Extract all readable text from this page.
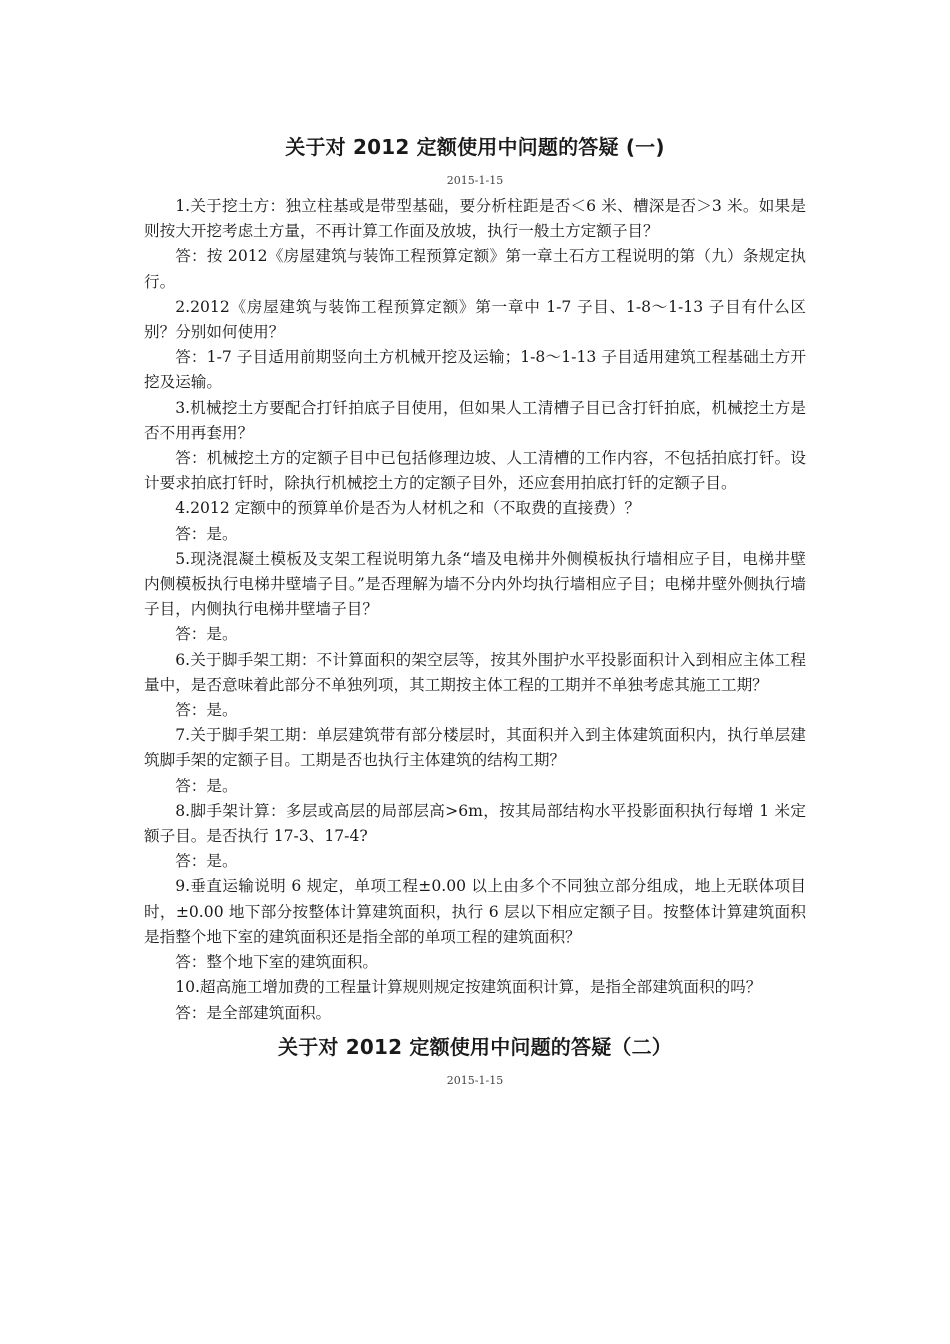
关于对 2012 定额使用中问题的答疑 (一)
2015-1-15

1.关于挖土方：独立柱基或是带型基础，要分析柱距是否＜6 米、槽深是否＞3 米。如果是则按大开挖考虑土方量，不再计算工作面及放坡，执行一般土方定额子目？

答：按 2012《房屋建筑与装饰工程预算定额》第一章土石方工程说明的第（九）条规定执行。

2.2012《房屋建筑与装饰工程预算定额》第一章中 1-7 子目、1-8～1-13 子目有什么区别？分别如何使用？

答：1-7 子目适用前期竖向土方机械开挖及运输；1-8～1-13 子目适用建筑工程基础土方开挖及运输。

3.机械挖土方要配合打钎拍底子目使用，但如果人工清槽子目已含打钎拍底，机械挖土方是否不用再套用？

答：机械挖土方的定额子目中已包括修理边坡、人工清槽的工作内容，不包括拍底打钎。设计要求拍底打钎时，除执行机械挖土方的定额子目外，还应套用拍底打钎的定额子目。

4.2012 定额中的预算单价是否为人材机之和（不取费的直接费）？

答：是。

5.现浇混凝土模板及支架工程说明第九条“墙及电梯井外侧模板执行墙相应子目，电梯井壁内侧模板执行电梯井壁墙子目。”是否理解为墙不分内外均执行墙相应子目；电梯井壁外侧执行墙子目，内侧执行电梯井壁墙子目？

答：是。

6.关于脚手架工期：不计算面积的架空层等，按其外围护水平投影面积计入到相应主体工程量中，是否意味着此部分不单独列项，其工期按主体工程的工期并不单独考虑其施工工期？

答：是。

7.关于脚手架工期：单层建筑带有部分楼层时，其面积并入到主体建筑面积内，执行单层建筑脚手架的定额子目。工期是否也执行主体建筑的结构工期？

答：是。

8.脚手架计算：多层或高层的局部层高>6m，按其局部结构水平投影面积执行每增 1 米定额子目。是否执行 17-3、17-4?

答：是。

9.垂直运输说明 6 规定，单项工程±0.00 以上由多个不同独立部分组成，地上无联体项目时，±0.00 地下部分按整体计算建筑面积，执行 6 层以下相应定额子目。按整体计算建筑面积是指整个地下室的建筑面积还是指全部的单项工程的建筑面积？

答：整个地下室的建筑面积。

10.超高施工增加费的工程量计算规则规定按建筑面积计算，是指全部建筑面积的吗？

答：是全部建筑面积。

关于对 2012 定额使用中问题的答疑（二）
2015-1-15
